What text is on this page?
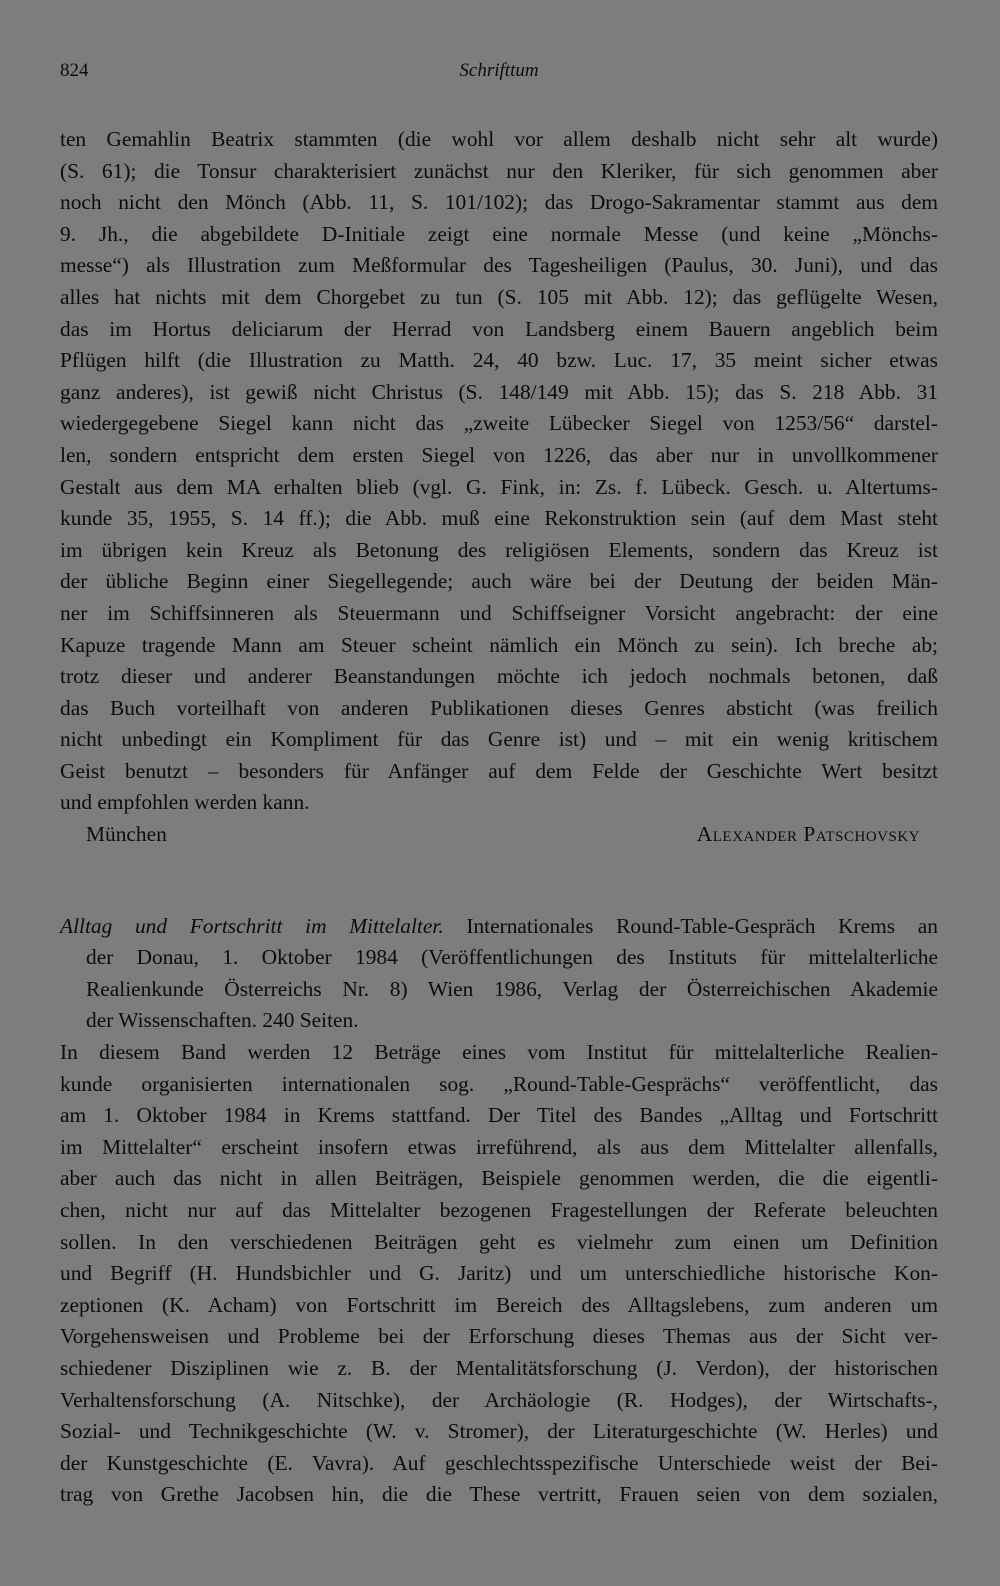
824	Schrifttum
ten Gemahlin Beatrix stammten (die wohl vor allem deshalb nicht sehr alt wurde)
(S. 61); die Tonsur charakterisiert zunächst nur den Kleriker, für sich genommen aber
noch nicht den Mönch (Abb. 11, S. 101/102); das Drogo-Sakramentar stammt aus dem
9. Jh., die abgebildete D-Initiale zeigt eine normale Messe (und keine „Mönchs-
messe“) als Illustration zum Meßformular des Tagesheiligen (Paulus, 30. Juni), und das
alles hat nichts mit dem Chorgebet zu tun (S. 105 mit Abb. 12); das geflügelte Wesen,
das im Hortus deliciarum der Herrad von Landsberg einem Bauern angeblich beim
Pflügen hilft (die Illustration zu Matth. 24, 40 bzw. Luc. 17, 35 meint sicher etwas
ganz anderes), ist gewiß nicht Christus (S. 148/149 mit Abb. 15); das S. 218 Abb. 31
wiedergegebene Siegel kann nicht das „zweite Lübecker Siegel von 1253/56“ darstel-
len, sondern entspricht dem ersten Siegel von 1226, das aber nur in unvollkommener
Gestalt aus dem MA erhalten blieb (vgl. G. Fink, in: Zs. f. Lübeck. Gesch. u. Altertums-
kunde 35, 1955, S. 14 ff.); die Abb. muß eine Rekonstruktion sein (auf dem Mast steht
im übrigen kein Kreuz als Betonung des religiösen Elements, sondern das Kreuz ist
der übliche Beginn einer Siegellegende; auch wäre bei der Deutung der beiden Män-
ner im Schiffsinneren als Steuermann und Schiffseigner Vorsicht angebracht: der eine
Kapuze tragende Mann am Steuer scheint nämlich ein Mönch zu sein). Ich breche ab;
trotz dieser und anderer Beanstandungen möchte ich jedoch nochmals betonen, daß
das Buch vorteilhaft von anderen Publikationen dieses Genres absticht (was freilich
nicht unbedingt ein Kompliment für das Genre ist) und – mit ein wenig kritischem
Geist benutzt – besonders für Anfänger auf dem Felde der Geschichte Wert besitzt
und empfohlen werden kann.
München	Alexander Patschovsky
Alltag und Fortschritt im Mittelalter. Internationales Round-Table-Gespräch Krems an
der Donau, 1. Oktober 1984 (Veröffentlichungen des Instituts für mittelalterliche
Realienkunde Österreichs Nr. 8) Wien 1986, Verlag der Österreichischen Akademie
der Wissenschaften. 240 Seiten.
In diesem Band werden 12 Beträge eines vom Institut für mittelalterliche Realien-
kunde organisierten internationalen sog. „Round-Table-Gesprächs“ veröffentlicht, das
am 1. Oktober 1984 in Krems stattfand. Der Titel des Bandes „Alltag und Fortschritt
im Mittelalter“ erscheint insofern etwas irreführend, als aus dem Mittelalter allenfalls,
aber auch das nicht in allen Beiträgen, Beispiele genommen werden, die die eigentli-
chen, nicht nur auf das Mittelalter bezogenen Fragestellungen der Referate beleuchten
sollen. In den verschiedenen Beiträgen geht es vielmehr zum einen um Definition
und Begriff (H. Hundsbichler und G. Jaritz) und um unterschiedliche historische Kon-
zeptionen (K. Acham) von Fortschritt im Bereich des Alltagslebens, zum anderen um
Vorgehensweisen und Probleme bei der Erforschung dieses Themas aus der Sicht ver-
schiedener Disziplinen wie z. B. der Mentalitätsforschung (J. Verdon), der historischen
Verhaltensforschung (A. Nitschke), der Archäologie (R. Hodges), der Wirtschafts-,
Sozial- und Technikgeschichte (W. v. Stromer), der Literaturgeschichte (W. Herles) und
der Kunstgeschichte (E. Vavra). Auf geschlechtsspezifische Unterschiede weist der Bei-
trag von Grethe Jacobsen hin, die die These vertritt, Frauen seien von dem sozialen,
